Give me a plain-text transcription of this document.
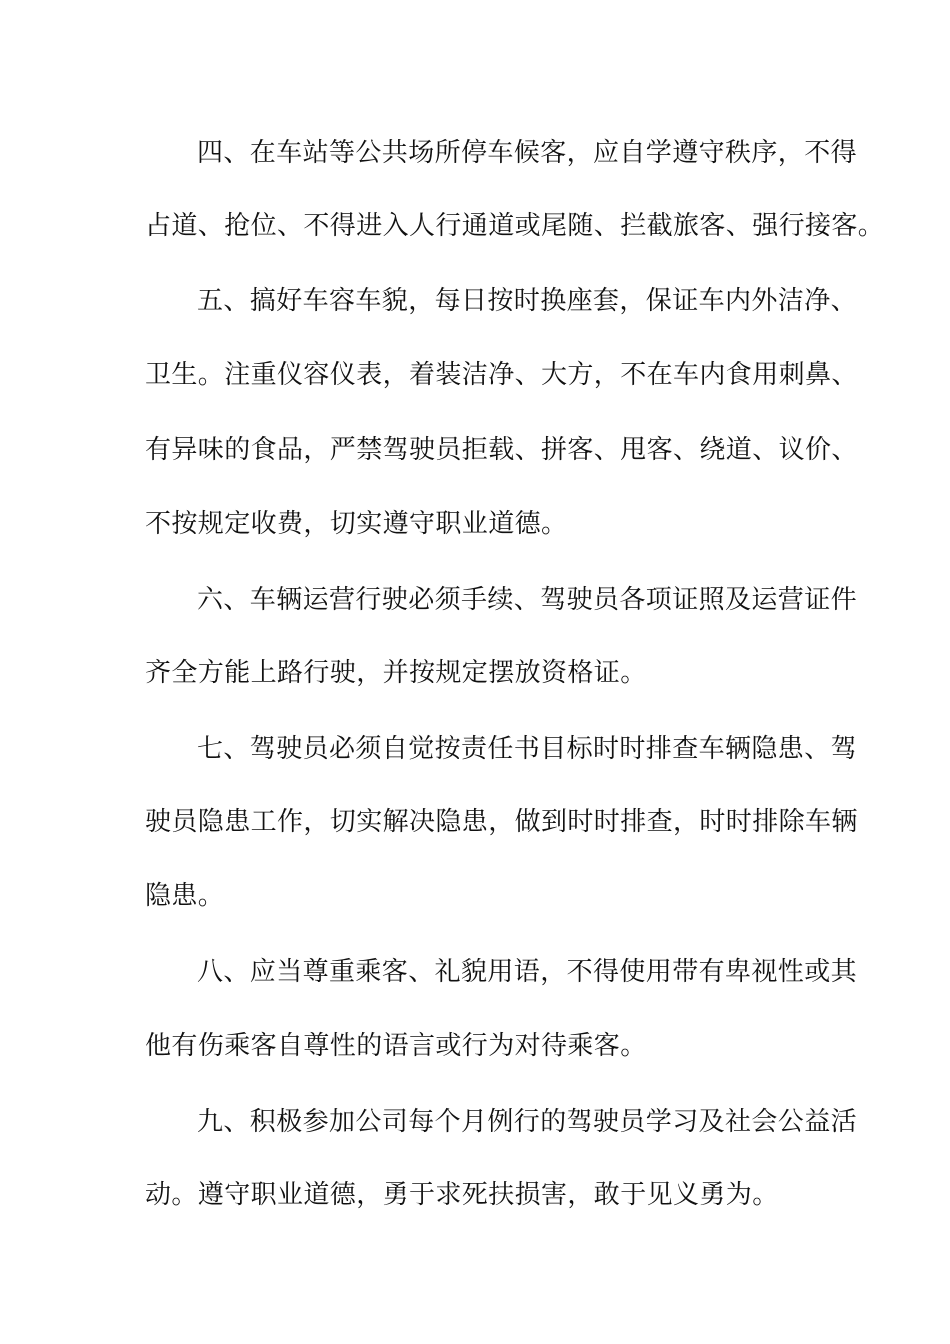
四、在车站等公共场所停车候客，应自学遵守秩序，不得
占道、抢位、不得进入人行通道或尾随、拦截旅客、强行接客。
五、搞好车容车貌，每日按时换座套，保证车内外洁净、
卫生。注重仪容仪表，着装洁净、大方，不在车内食用刺鼻、
有异味的食品，严禁驾驶员拒载、拼客、甩客、绕道、议价、
不按规定收费，切实遵守职业道德。
六、车辆运营行驶必须手续、驾驶员各项证照及运营证件
齐全方能上路行驶，并按规定摆放资格证。
七、驾驶员必须自觉按责任书目标时时排查车辆隐患、驾
驶员隐患工作，切实解决隐患，做到时时排查，时时排除车辆
隐患。
八、应当尊重乘客、礼貌用语，不得使用带有卑视性或其
他有伤乘客自尊性的语言或行为对待乘客。
九、积极参加公司每个月例行的驾驶员学习及社会公益活
动。遵守职业道德，勇于求死扶损害，敢于见义勇为。
